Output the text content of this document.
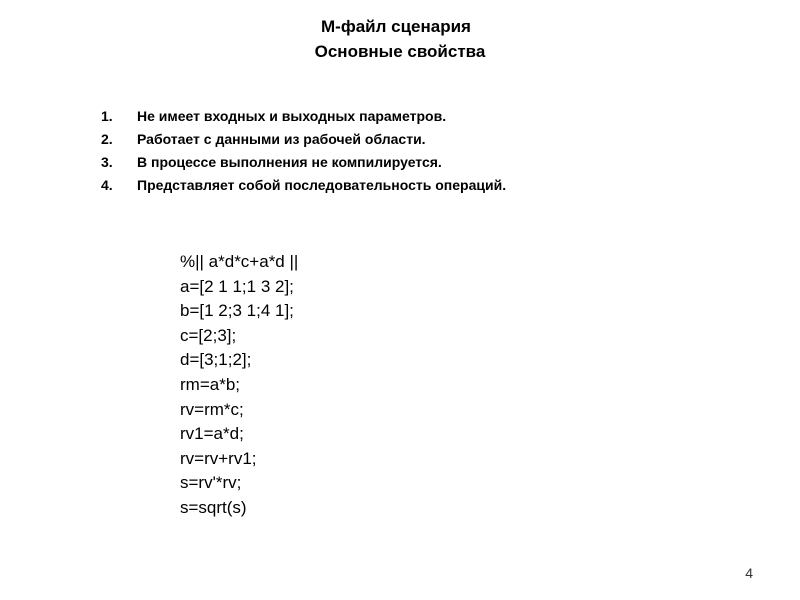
М-файл сценария
Основные свойства
1.	Не имеет входных и выходных параметров.
2.	Работает с данными из рабочей области.
3.	В процессе выполнения не компилируется.
4.	Представляет собой последовательность операций.
%|| a*d*c+a*d ||
a=[2 1 1;1 3 2];
b=[1 2;3 1;4 1];
c=[2;3];
d=[3;1;2];
rm=a*b;
rv=rm*c;
rv1=a*d;
rv=rv+rv1;
s=rv'*rv;
s=sqrt(s)
4
